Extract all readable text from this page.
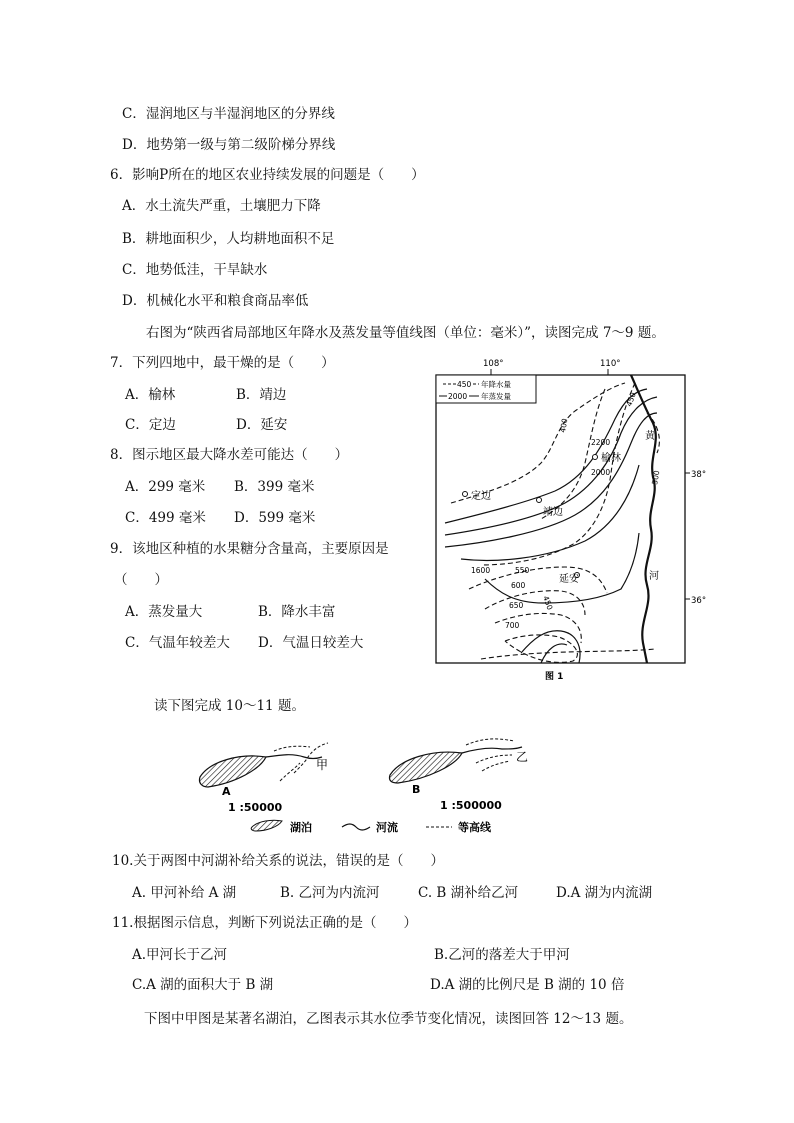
C．湿润地区与半湿润地区的分界线
D．地势第一级与第二级阶梯分界线
6．影响P所在的地区农业持续发展的问题是（　　）
A．水土流失严重，土壤肥力下降
B．耕地面积少，人均耕地面积不足
C．地势低洼，干旱缺水
D．机械化水平和粮食商品率低
右图为“陕西省局部地区年降水及蒸发量等值线图（单位：毫米）”，读图完成 7～9 题。
7．下列四地中，最干燥的是（　　）
A．榆林	B．靖边
C．定边	D．延安
8．图示地区最大降水差可能达（　　）
A．299 毫米 B．399 毫米
C．499 毫米 D．599 毫米
9．该地区种植的水果糖分含量高，主要原因是
（　　）
A．蒸发量大	B．降水丰富
C．气温年较差大 D．气温日较差大
108°	110°
38°
36°
450 年降水量
2000 年蒸发量
榆林
定边
靖边
延安
黄
河
400
450
500
550
600
650
700
2200
2000
1600
450
图 1
读下图完成 10～11 题。
甲
A
1 :50000
乙
B
1 :500000
湖泊	河流	等高线
10.关于两图中河湖补给关系的说法，错误的是（　　）
A. 甲河补给 A 湖	B. 乙河为内流河	C. B 湖补给乙河	D.A 湖为内流湖
11.根据图示信息，判断下列说法正确的是（　　）
A.甲河长于乙河	B.乙河的落差大于甲河
C.A 湖的面积大于 B 湖	D.A 湖的比例尺是 B 湖的 10 倍
下图中甲图是某著名湖泊，乙图表示其水位季节变化情况，读图回答 12～13 题。
